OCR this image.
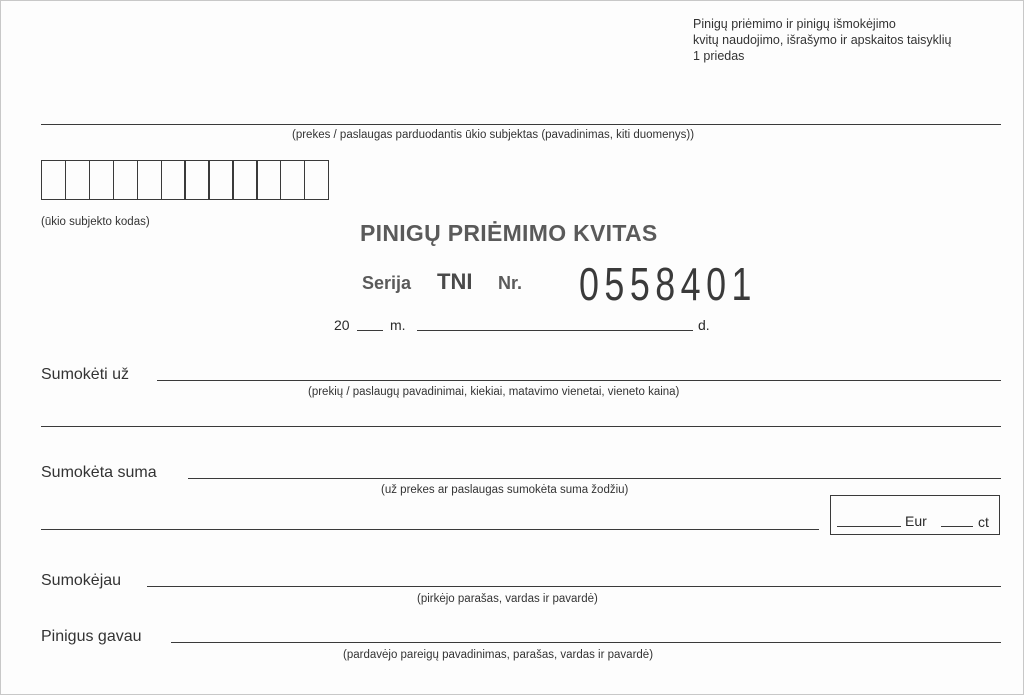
Pinigų priėmimo ir pinigų išmokėjimo
kvitų naudojimo, išrašymo ir apskaitos taisyklių
1 priedas
(prekes / paslaugas parduodantis ūkio subjektas (pavadinimas, kiti duomenys))
(ūkio subjekto kodas)	PINIGŲ PRIĖMIMO KVITAS
Serija TNI Nr. 0558401
20	m.	d.
Sumokėti už
(prekių / paslaugų pavadinimai, kiekiai, matavimo vienetai, vieneto kaina)
Sumokėta suma
(už prekes ar paslaugas sumokėta suma žodžiu)
Eur	ct
Sumokėjau
(pirkėjo parašas, vardas ir pavardė)
Pinigus gavau
(pardavėjo pareigų pavadinimas, parašas, vardas ir pavardė)
